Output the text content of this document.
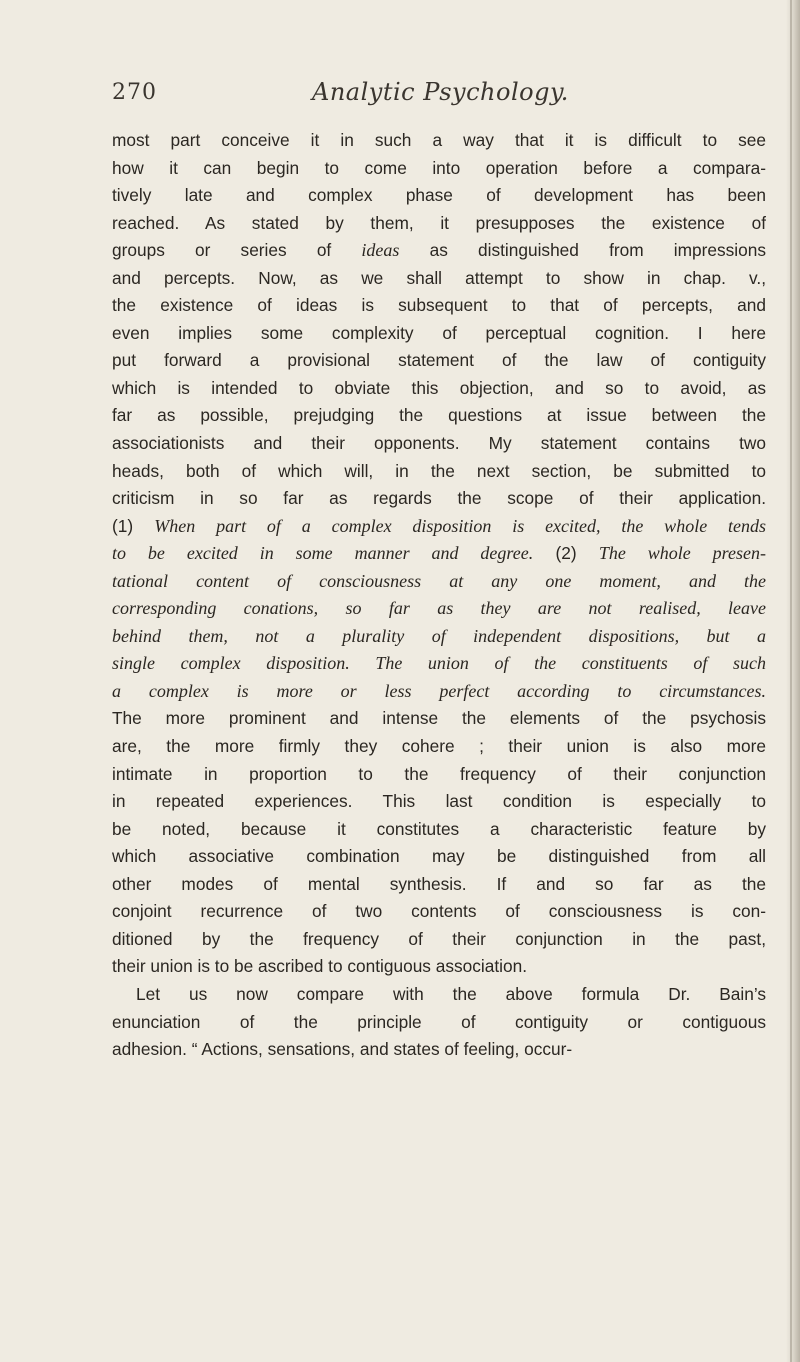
270	Analytic Psychology.
most part conceive it in such a way that it is difficult to see
how it can begin to come into operation before a compara-
tively late and complex phase of development has been
reached. As stated by them, it presupposes the existence of
groups or series of ideas as distinguished from impressions
and percepts. Now, as we shall attempt to show in chap. v.,
the existence of ideas is subsequent to that of percepts, and
even implies some complexity of perceptual cognition. I here
put forward a provisional statement of the law of contiguity
which is intended to obviate this objection, and so to avoid, as
far as possible, prejudging the questions at issue between the
associationists and their opponents. My statement contains two
heads, both of which will, in the next section, be submitted to
criticism in so far as regards the scope of their application.
(1) When part of a complex disposition is excited, the whole tends
to be excited in some manner and degree. (2) The whole presen-
tational content of consciousness at any one moment, and the
corresponding conations, so far as they are not realised, leave
behind them, not a plurality of independent dispositions, but a
single complex disposition. The union of the constituents of such
a complex is more or less perfect according to circumstances.
The more prominent and intense the elements of the psychosis
are, the more firmly they cohere ; their union is also more
intimate in proportion to the frequency of their conjunction
in repeated experiences. This last condition is especially to
be noted, because it constitutes a characteristic feature by
which associative combination may be distinguished from all
other modes of mental synthesis. If and so far as the
conjoint recurrence of two contents of consciousness is con-
ditioned by the frequency of their conjunction in the past,
their union is to be ascribed to contiguous association.
Let us now compare with the above formula Dr. Bain’s
enunciation of the principle of contiguity or contiguous
adhesion. “ Actions, sensations, and states of feeling, occur-
